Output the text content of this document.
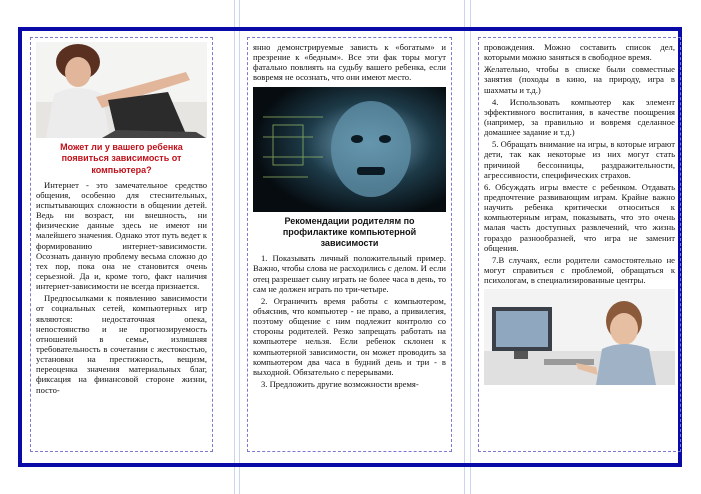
Может ли у вашего ребенка появиться зависимость от компьютера?

Интернет - это замечательное средство общения, особенно для стеснительных, испытывающих сложности в общении детей. Ведь ни возраст, ни внешность, ни физические данные здесь не имеют ни малейшего значения. Однако этот путь ведет к формированию интернет-зависимости. Осознать данную проблему весьма сложно до тех пор, пока она не становится очень серьезной. Да и, кроме того, факт наличия интернет-зависимости не всегда признается.

Предпосылками к появлению зависимости от социальных сетей, компьютерных игр являются: недостаточная опека, непостоянство и не прогнозируемость отношений в семье, излишняя требовательность в сочетании с жестокостью, установки на престижность, вещизм, переоценка значения материальных благ, фиксация на финансовой стороне жизни, посто-

янно демонстрируемые зависть к «богатым» и презрение к «бедным». Все эти фак торы могут фатально повлиять на судьбу вашего ребенка, если вовремя не осознать, что они имеют место.

Рекомендации родителям по профилактике компьютерной зависимости

1. Показывать личный положительный пример. Важно, чтобы слова не расходились с делом. И если отец разрешает сыну играть не более часа в день, то сам не должен играть по три-четыре.

2. Ограничить время работы с компьютером, объяснив, что компьютер - не право, а привилегия, поэтому общение с ним подлежит контролю со стороны родителей. Резко запрещать работать на компьютере нельзя. Если ребенок склонен к компьютерной зависимости, он может проводить за компьютером два часа в будний день и три - в выходной. Обязательно с перерывами.

3. Предложить другие возможности время-

провождения. Можно составить список дел, которыми можно заняться в свободное время.

Желательно, чтобы в списке были совместные занятия (походы в кино, на природу, игра в шахматы и т.д.)

4. Использовать компьютер как элемент эффективного воспитания, в качестве поощрения (например, за правильно и вовремя сделанное домашнее задание и т.д.)

5. Обращать внимание на игры, в которые играют дети, так как некоторые из них могут стать причиной бессонницы, раздражительности, агрессивности, специфических страхов.

6. Обсуждать игры вместе с ребенком. Отдавать предпочтение развивающим играм. Крайне важно научить ребенка критически относиться к компьютерным играм, показывать, что это очень малая часть доступных развлечений, что жизнь гораздо разнообразней, что игра не заменит общения.

7.В случаях, если родители самостоятельно не могут справиться с проблемой, обращаться к психологам, в специализированные центры.
